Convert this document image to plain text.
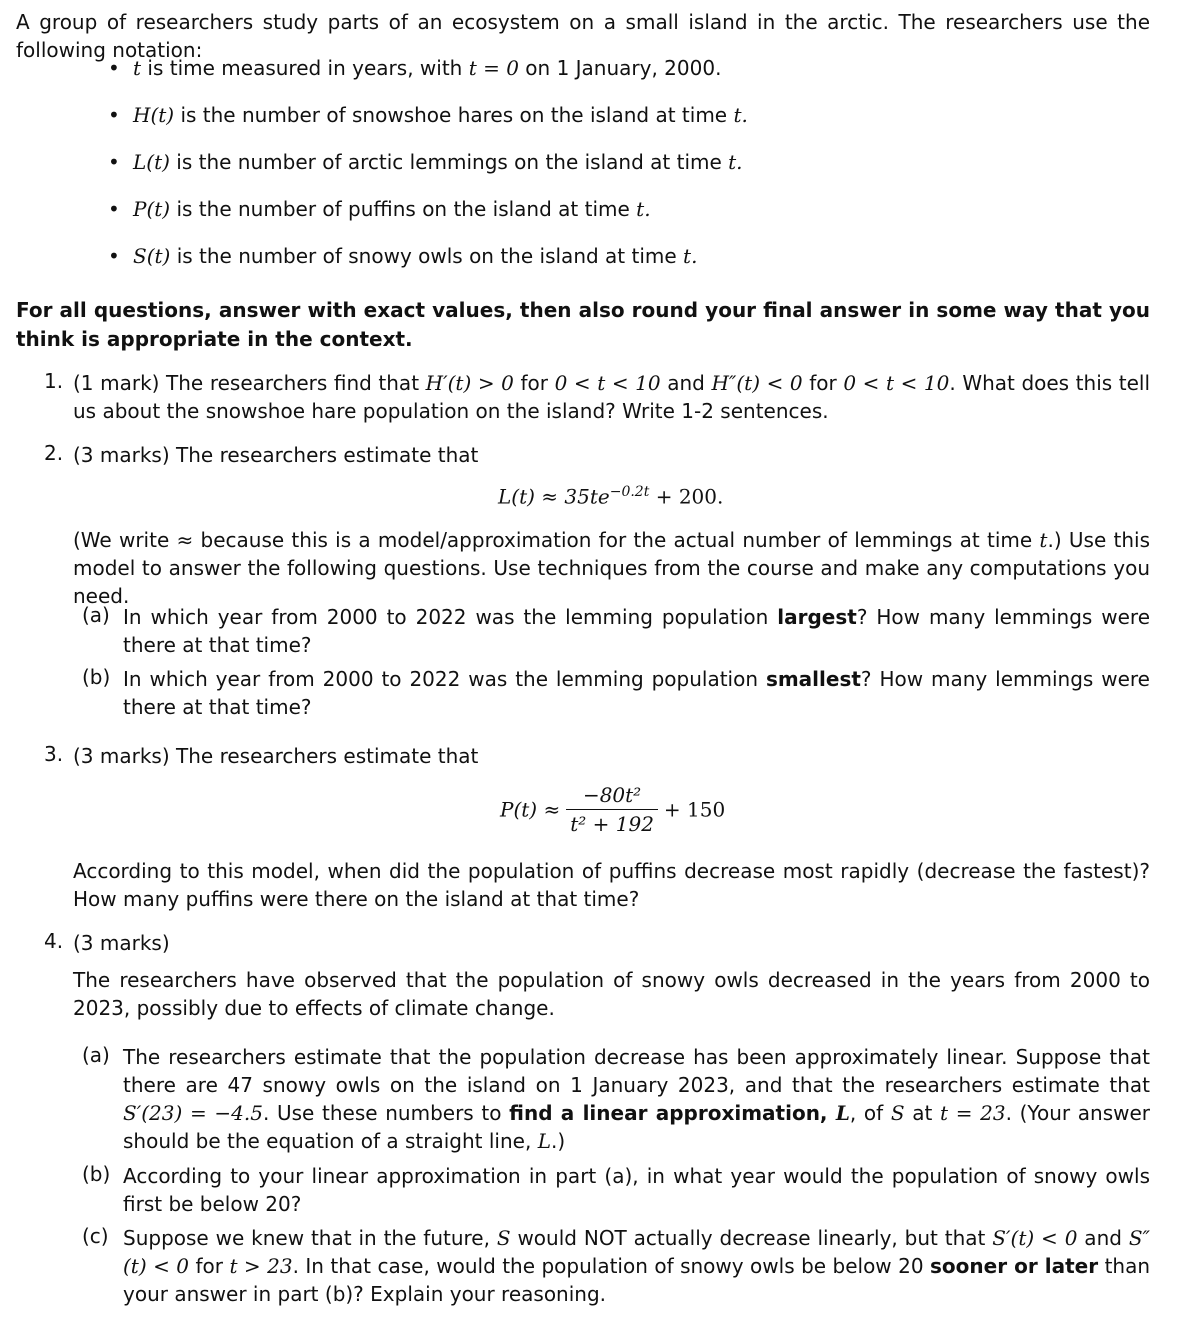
A group of researchers study parts of an ecosystem on a small island in the arctic. The researchers use the following notation:

• t is time measured in years, with t = 0 on 1 January, 2000.
• H(t) is the number of snowshoe hares on the island at time t.
• L(t) is the number of arctic lemmings on the island at time t.
• P(t) is the number of puffins on the island at time t.
• S(t) is the number of snowy owls on the island at time t.

For all questions, answer with exact values, then also round your final answer in some way that you think is appropriate in the context.

1. (1 mark) The researchers find that H′(t) > 0 for 0 < t < 10 and H″(t) < 0 for 0 < t < 10. What does this tell us about the snowshoe hare population on the island? Write 1-2 sentences.
2. (3 marks) The researchers estimate that
$L(t) \approx 35te^{-0.2t} + 200$.
(We write ≈ because this is a model/approximation for the actual number of lemmings at time t.) Use this model to answer the following questions. Use techniques from the course and make any computations you need.
(a) In which year from 2000 to 2022 was the lemming population largest? How many lemmings were there at that time?
(b) In which year from 2000 to 2022 was the lemming population smallest? How many lemmings were there at that time?
3. (3 marks) The researchers estimate that
$P(t) \approx \frac{\text{−80t²}}{\text{t² + 192}} + 150$
According to this model, when did the population of puffins decrease most rapidly (decrease the fastest)? How many puffins were there on the island at that time?
4. (3 marks)
The researchers have observed that the population of snowy owls decreased in the years from 2000 to 2023, possibly due to effects of climate change.
(a) The researchers estimate that the population decrease has been approximately linear. Suppose that there are 47 snowy owls on the island on 1 January 2023, and that the researchers estimate that S′(23) = −4.5. Use these numbers to find a linear approximation, L, of S at t = 23. (Your answer should be the equation of a straight line, L.)
(b) According to your linear approximation in part (a), in what year would the population of snowy owls first be below 20?
(c) Suppose we knew that in the future, S would NOT actually decrease linearly, but that S′(t) < 0 and S″(t) < 0 for t > 23. In that case, would the population of snowy owls be below 20 sooner or later than your answer in part (b)? Explain your reasoning.
